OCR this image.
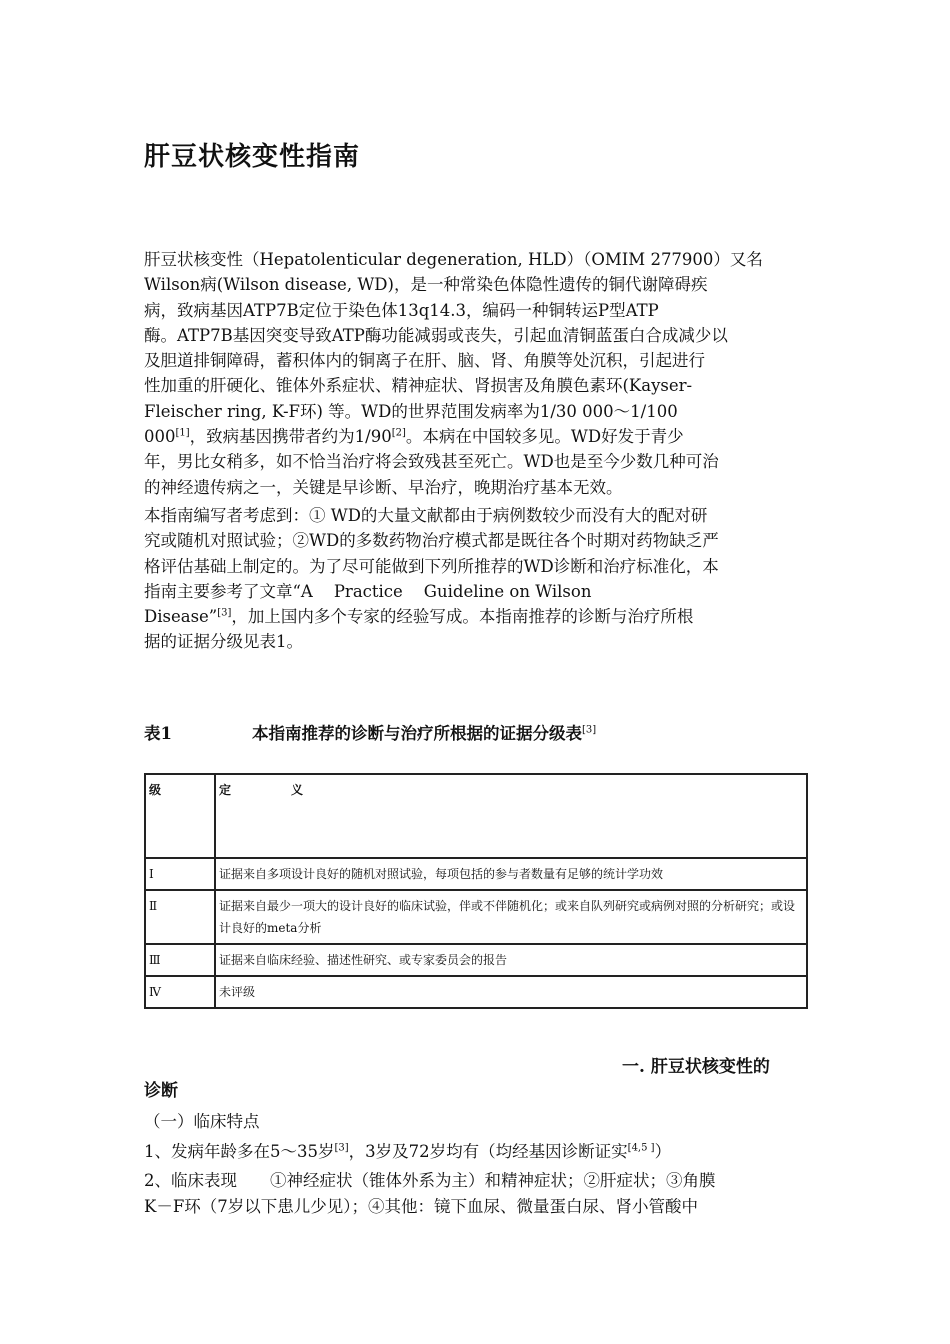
肝豆状核变性指南
肝豆状核变性（Hepatolenticular degeneration, HLD）（OMIM 277900）又名
Wilson病(Wilson disease, WD)，是一种常染色体隐性遗传的铜代谢障碍疾
病，致病基因ATP7B定位于染色体13q14.3，编码一种铜转运P型ATP
酶。ATP7B基因突变导致ATP酶功能减弱或丧失，引起血清铜蓝蛋白合成减少以
及胆道排铜障碍，蓄积体内的铜离子在肝、脑、肾、角膜等处沉积，引起进行
性加重的肝硬化、锥体外系症状、精神症状、肾损害及角膜色素环(Kayser-
Fleischer ring, K-F环) 等。WD的世界范围发病率为1/30 000～1/100
000[1]，致病基因携带者约为1/90[2]。本病在中国较多见。WD好发于青少
年，男比女稍多，如不恰当治疗将会致残甚至死亡。WD也是至今少数几种可治
的神经遗传病之一，关键是早诊断、早治疗，晚期治疗基本无效。
本指南编写者考虑到：① WD的大量文献都由于病例数较少而没有大的配对研
究或随机对照试验；②WD的多数药物治疗模式都是既往各个时期对药物缺乏严
格评估基础上制定的。为了尽可能做到下列所推荐的WD诊断和治疗标准化，本
指南主要参考了文章“A    Practice    Guideline on Wilson
Disease”[3]，加上国内多个专家的经验写成。本指南推荐的诊断与治疗所根
据的证据分级见表1。
表1	本指南推荐的诊断与治疗所根据的证据分级表[3]
级	定　　　　　义
Ⅰ	证据来自多项设计良好的随机对照试验，每项包括的参与者数量有足够的统计学功效
Ⅱ	证据来自最少一项大的设计良好的临床试验，伴或不伴随机化；或来自队列研究或病例对照的分析研究；或设计良好的meta分析
Ⅲ	证据来自临床经验、描述性研究、或专家委员会的报告
Ⅳ	未评级
一. 肝豆状核变性的
诊断
（一）临床特点
1、发病年龄多在5～35岁[3]，3岁及72岁均有（均经基因诊断证实[4,5 ]）
2、临床表现　　①神经症状（锥体外系为主）和精神症状；②肝症状；③角膜
K－F环（7岁以下患儿少见）；④其他：镜下血尿、微量蛋白尿、肾小管酸中
